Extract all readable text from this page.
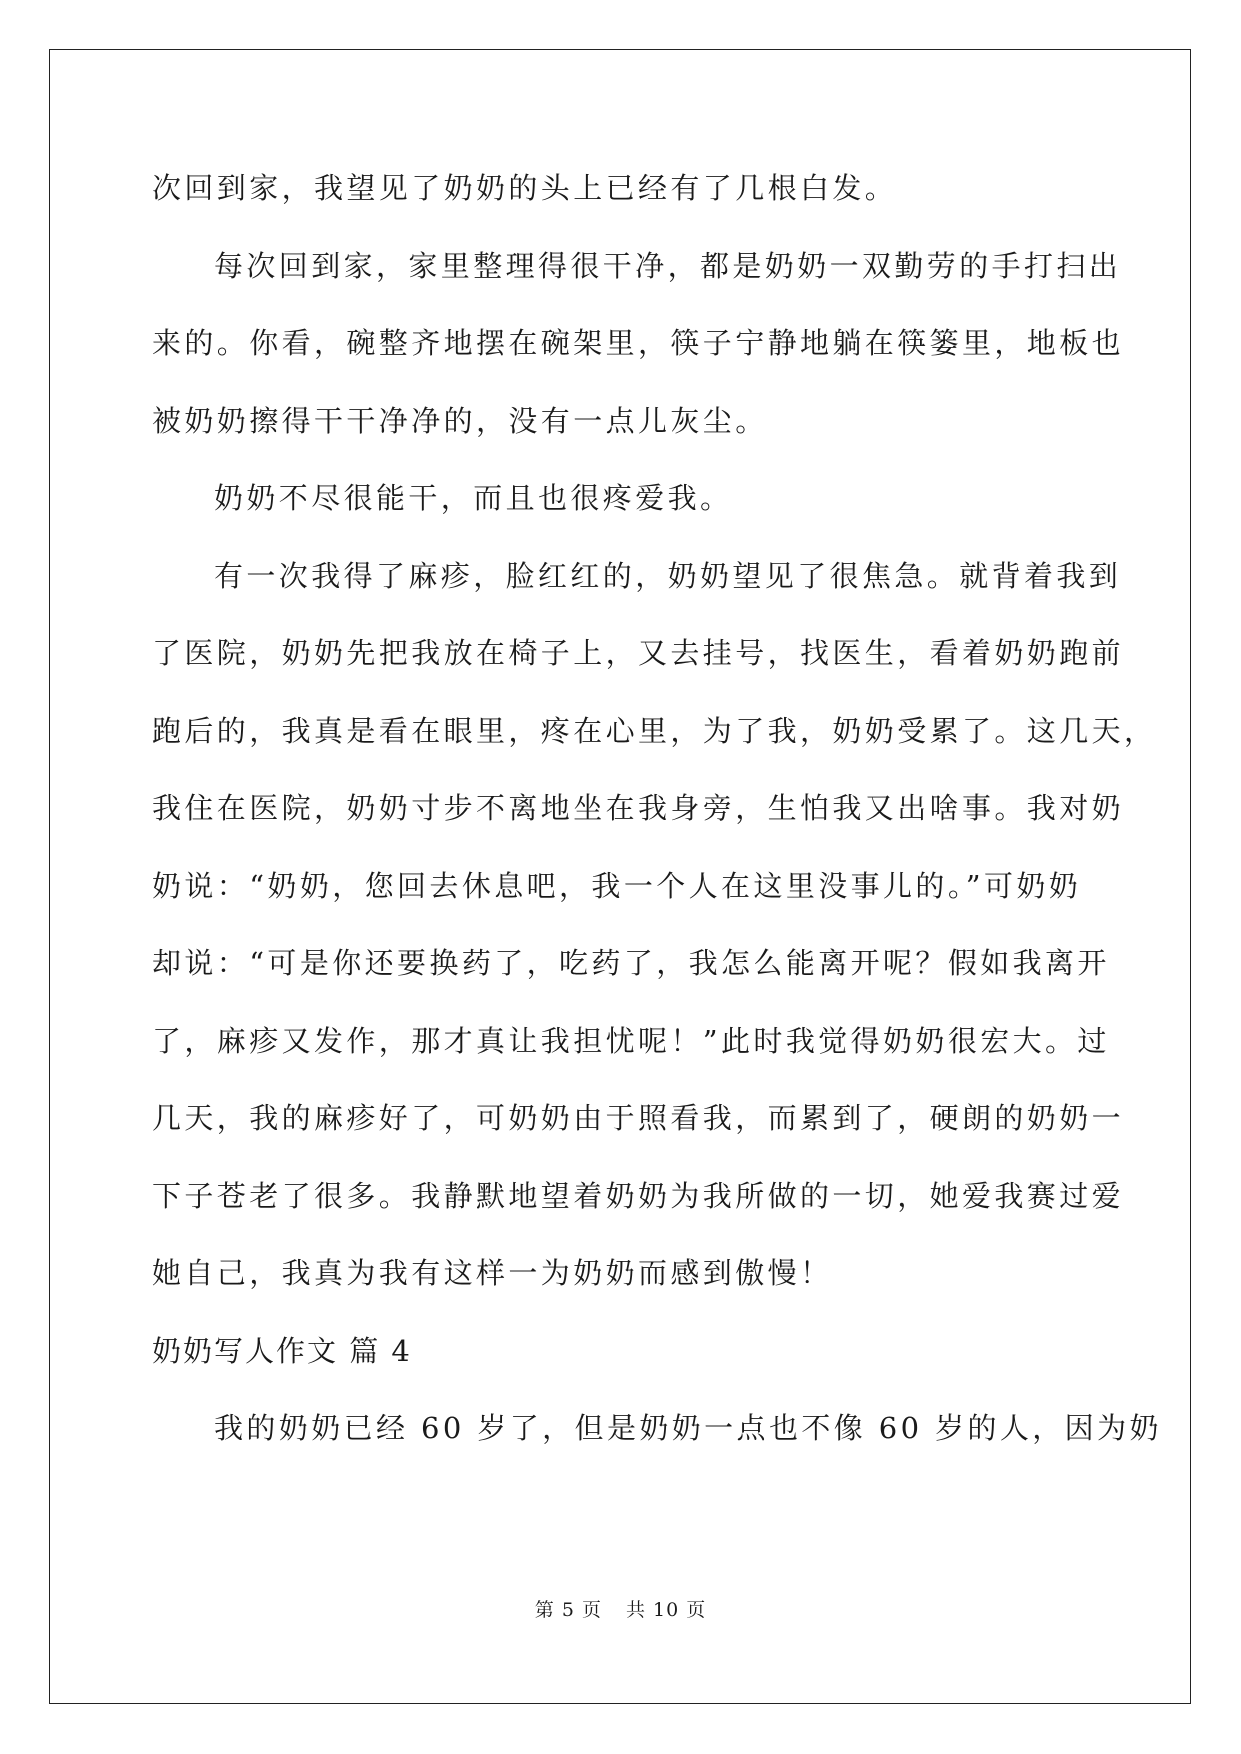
次回到家，我望见了奶奶的头上已经有了几根白发。
每次回到家，家里整理得很干净，都是奶奶一双勤劳的手打扫出
来的。你看，碗整齐地摆在碗架里，筷子宁静地躺在筷篓里，地板也
被奶奶擦得干干净净的，没有一点儿灰尘。
奶奶不尽很能干，而且也很疼爱我。
有一次我得了麻疹，脸红红的，奶奶望见了很焦急。就背着我到
了医院，奶奶先把我放在椅子上，又去挂号，找医生，看着奶奶跑前
跑后的，我真是看在眼里，疼在心里，为了我，奶奶受累了。这几天，
我住在医院，奶奶寸步不离地坐在我身旁，生怕我又出啥事。我对奶
奶说：“奶奶，您回去休息吧，我一个人在这里没事儿的。”可奶奶
却说：“可是你还要换药了，吃药了，我怎么能离开呢？假如我离开
了，麻疹又发作，那才真让我担忧呢！”此时我觉得奶奶很宏大。过
几天，我的麻疹好了，可奶奶由于照看我，而累到了，硬朗的奶奶一
下子苍老了很多。我静默地望着奶奶为我所做的一切，她爱我赛过爱
她自己，我真为我有这样一为奶奶而感到傲慢！
奶奶写人作文 篇 4
我的奶奶已经 60 岁了，但是奶奶一点也不像 60 岁的人，因为奶
第 5 页 共 10 页
